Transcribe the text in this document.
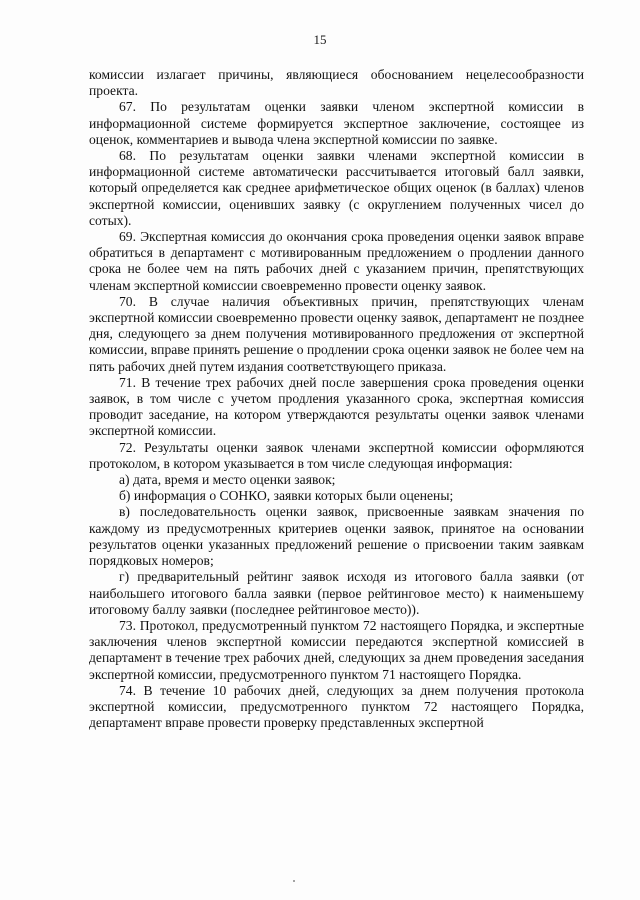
15

комиссии излагает причины, являющиеся обоснованием нецелесообразности проекта.

67. По результатам оценки заявки членом экспертной комиссии в информационной системе формируется экспертное заключение, состоящее из оценок, комментариев и вывода члена экспертной комиссии по заявке.

68. По результатам оценки заявки членами экспертной комиссии в информационной системе автоматически рассчитывается итоговый балл заявки, который определяется как среднее арифметическое общих оценок (в баллах) членов экспертной комиссии, оценивших заявку (с округлением полученных чисел до сотых).

69. Экспертная комиссия до окончания срока проведения оценки заявок вправе обратиться в департамент с мотивированным предложением о продлении данного срока не более чем на пять рабочих дней с указанием причин, препятствующих членам экспертной комиссии своевременно провести оценку заявок.

70. В случае наличия объективных причин, препятствующих членам экспертной комиссии своевременно провести оценку заявок, департамент не позднее дня, следующего за днем получения мотивированного предложения от экспертной комиссии, вправе принять решение о продлении срока оценки заявок не более чем на пять рабочих дней путем издания соответствующего приказа.

71. В течение трех рабочих дней после завершения срока проведения оценки заявок, в том числе с учетом продления указанного срока, экспертная комиссия проводит заседание, на котором утверждаются результаты оценки заявок членами экспертной комиссии.

72. Результаты оценки заявок членами экспертной комиссии оформляются протоколом, в котором указывается в том числе следующая информация:

а) дата, время и место оценки заявок;

б) информация о СОНКО, заявки которых были оценены;

в) последовательность оценки заявок, присвоенные заявкам значения по каждому из предусмотренных критериев оценки заявок, принятое на основании результатов оценки указанных предложений решение о присвоении таким заявкам порядковых номеров;

г) предварительный рейтинг заявок исходя из итогового балла заявки (от наибольшего итогового балла заявки (первое рейтинговое место) к наименьшему итоговому баллу заявки (последнее рейтинговое место)).

73. Протокол, предусмотренный пунктом 72 настоящего Порядка, и экспертные заключения членов экспертной комиссии передаются экспертной комиссией в департамент в течение трех рабочих дней, следующих за днем проведения заседания экспертной комиссии, предусмотренного пунктом 71 настоящего Порядка.

74. В течение 10 рабочих дней, следующих за днем получения протокола экспертной комиссии, предусмотренного пунктом 72 настоящего Порядка, департамент вправе провести проверку представленных экспертной
